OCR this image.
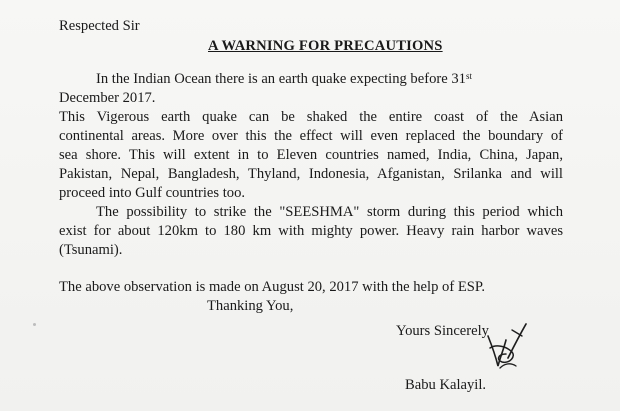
Respected Sir
A WARNING FOR PRECAUTIONS
In the Indian Ocean there is an earth quake expecting before 31st
December 2017.
This Vigerous earth quake can be shaked the entire coast of the Asian
continental areas. More over this the effect will even replaced the boundary of
sea shore. This will extent in to Eleven countries named, India, China, Japan,
Pakistan, Nepal, Bangladesh, Thyland, Indonesia, Afganistan, Srilanka and will
proceed into Gulf countries too.
The possibility to strike the "SEESHMA" storm during this period which
exist for about 120km to 180 km with mighty power. Heavy rain harbor waves
(Tsunami).
The above observation is made on August 20, 2017 with the help of ESP.
Thanking You,
Yours Sincerely
Babu Kalayil.
